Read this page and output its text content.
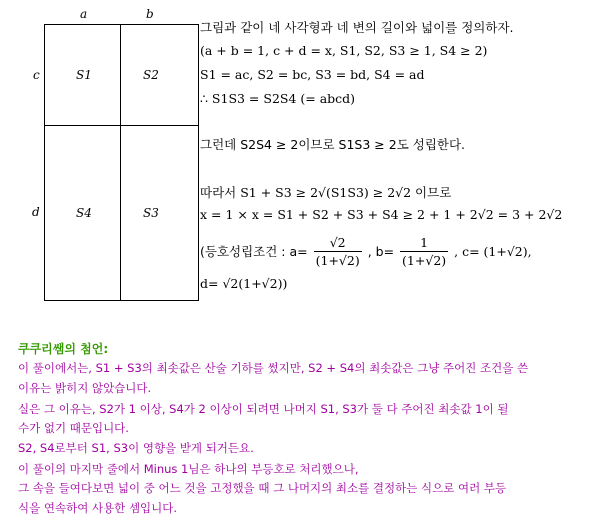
a	b
c
d
S1	S2
S4	S3
그림과 같이 네 사각형과 네 변의 길이와 넓이를 정의하자.
(a + b = 1, c + d = x, S1, S2, S3 ≥ 1, S4 ≥ 2)
S1 = ac, S2 = bc, S3 = bd, S4 = ad
∴ S1S3 = S2S4 (= abcd)
그런데 S2S4 ≥ 2이므로 S1S3 ≥ 2도 성립한다.
따라서 S1 + S3 ≥ 2√(S1S3) ≥ 2√2 이므로
x = 1 × x = S1 + S2 + S3 + S4 ≥ 2 + 1 + 2√2 = 3 + 2√2
(등호성립조건 : $a= \frac{√2}{(1+√2)}$ , $b= \frac{1}{(1+√2)}$ , c= (1+√2),
d= √2(1+√2))
쿠쿠리쌤의 첨언:
이 풀이에서는, S1 + S3의 최솟값은 산술 기하를 썼지만, S2 + S4의 최솟값은 그냥 주어진 조건을 쓴
이유는 밝히지 않았습니다.
실은 그 이유는, S2가 1 이상, S4가 2 이상이 되려면 나머지 S1, S3가 둘 다 주어진 최솟값 1이 될
수가 없기 때문입니다.
S2, S4로부터 S1, S3이 영향을 받게 되거든요.
이 풀이의 마지막 줄에서 Minus 1님은 하나의 부등호로 처리했으나,
그 속을 들여다보면 넓이 중 어느 것을 고정했을 때 그 나머지의 최소를 결정하는 식으로 여러 부등
식을 연속하여 사용한 셈입니다.
